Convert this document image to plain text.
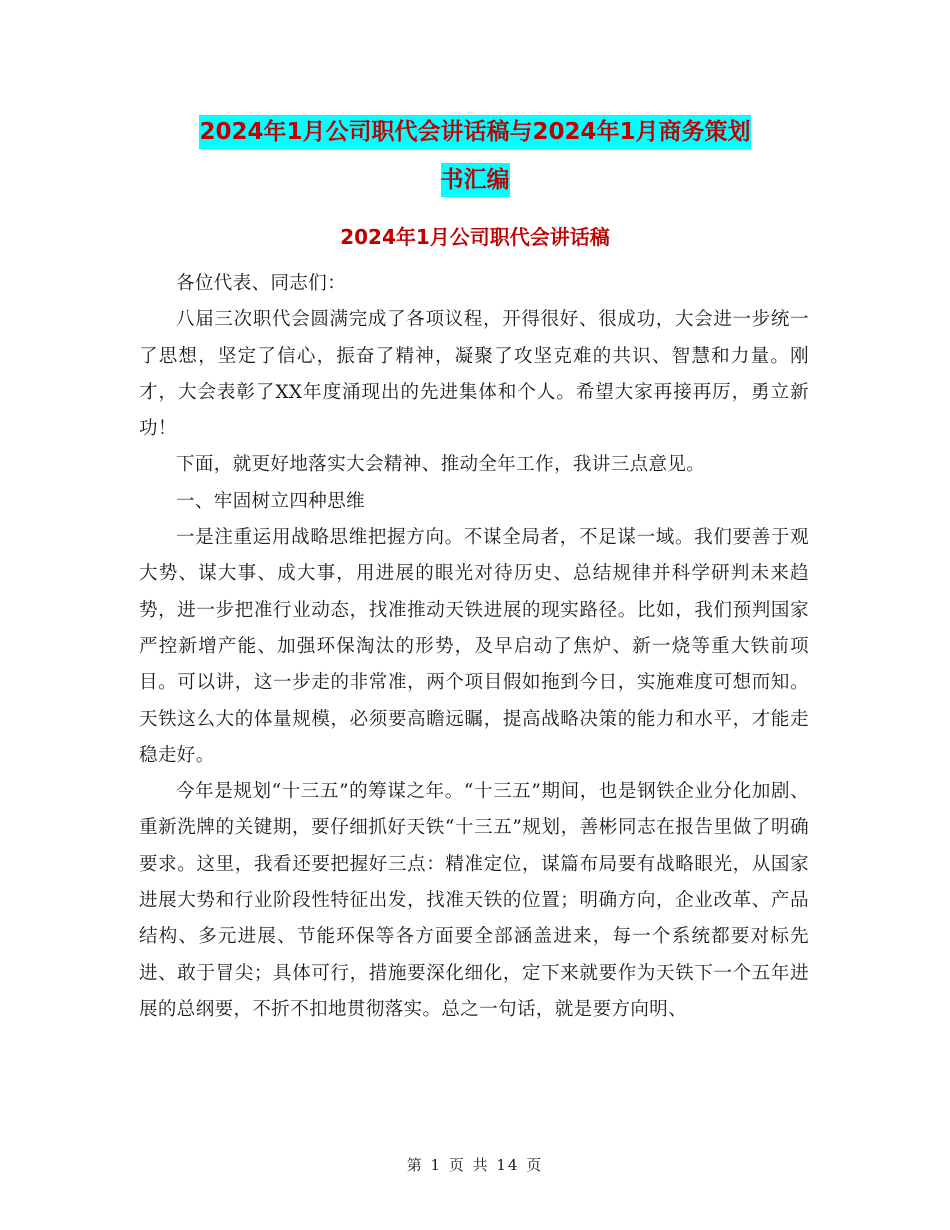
2024年1月公司职代会讲话稿与2024年1月商务策划
书汇编
2024年1月公司职代会讲话稿

各位代表、同志们：

八届三次职代会圆满完成了各项议程，开得很好、很成功，大会进一步统一了思想，坚定了信心，振奋了精神，凝聚了攻坚克难的共识、智慧和力量。刚才，大会表彰了XX年度涌现出的先进集体和个人。希望大家再接再厉，勇立新功！

下面，就更好地落实大会精神、推动全年工作，我讲三点意见。

一、牢固树立四种思维

一是注重运用战略思维把握方向。不谋全局者，不足谋一域。我们要善于观大势、谋大事、成大事，用进展的眼光对待历史、总结规律并科学研判未来趋势，进一步把准行业动态，找准推动天铁进展的现实路径。比如，我们预判国家严控新增产能、加强环保淘汰的形势，及早启动了焦炉、新一烧等重大铁前项目。可以讲，这一步走的非常准，两个项目假如拖到今日，实施难度可想而知。天铁这么大的体量规模，必须要高瞻远瞩，提高战略决策的能力和水平，才能走稳走好。

今年是规划“十三五”的筹谋之年。“十三五”期间，也是钢铁企业分化加剧、重新洗牌的关键期，要仔细抓好天铁“十三五”规划，善彬同志在报告里做了明确要求。这里，我看还要把握好三点：精准定位，谋篇布局要有战略眼光，从国家进展大势和行业阶段性特征出发，找准天铁的位置；明确方向，企业改革、产品结构、多元进展、节能环保等各方面要全部涵盖进来，每一个系统都要对标先进、敢于冒尖；具体可行，措施要深化细化，定下来就要作为天铁下一个五年进展的总纲要，不折不扣地贯彻落实。总之一句话，就是要方向明、

第 1 页 共 14 页
